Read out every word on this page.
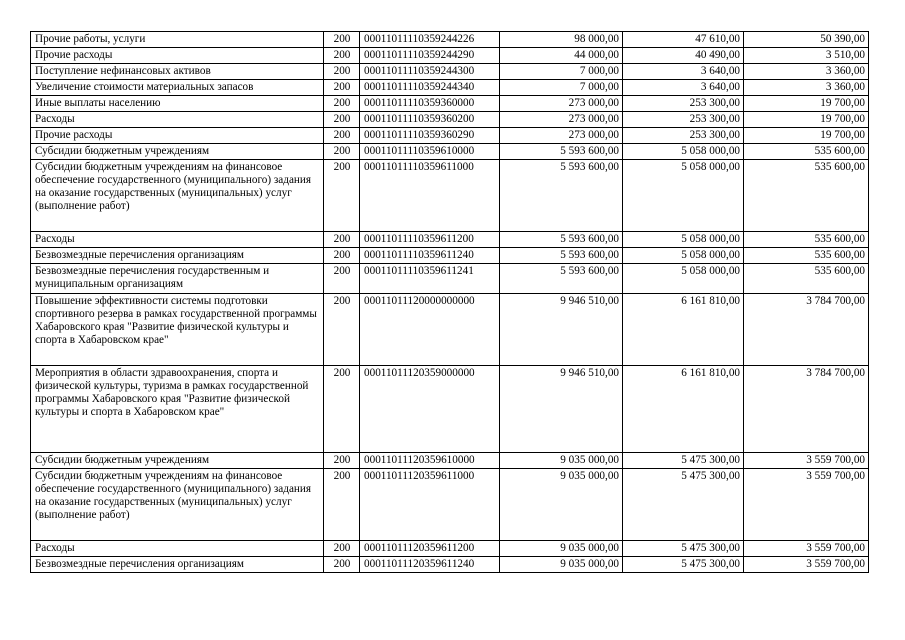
Прочие работы, услуги	200	00011011110359244226	98 000,00	47 610,00	50 390,00
Прочие расходы	200	00011011110359244290	44 000,00	40 490,00	3 510,00
Поступление нефинансовых активов	200	00011011110359244300	7 000,00	3 640,00	3 360,00
Увеличение стоимости материальных запасов	200	00011011110359244340	7 000,00	3 640,00	3 360,00
Иные выплаты населению	200	00011011110359360000	273 000,00	253 300,00	19 700,00
Расходы	200	00011011110359360200	273 000,00	253 300,00	19 700,00
Прочие расходы	200	00011011110359360290	273 000,00	253 300,00	19 700,00
Субсидии бюджетным учреждениям	200	00011011110359610000	5 593 600,00	5 058 000,00	535 600,00
Субсидии бюджетным учреждениям на финансовое обеспечение государственного (муниципального) задания на оказание государственных (муниципальных) услуг (выполнение работ)	200	00011011110359611000	5 593 600,00	5 058 000,00	535 600,00
Расходы	200	00011011110359611200	5 593 600,00	5 058 000,00	535 600,00
Безвозмездные перечисления организациям	200	00011011110359611240	5 593 600,00	5 058 000,00	535 600,00
Безвозмездные перечисления государственным и муниципальным организациям	200	00011011110359611241	5 593 600,00	5 058 000,00	535 600,00
Повышение эффективности системы подготовки спортивного резерва в рамках государственной программы Хабаровского края "Развитие физической культуры и спорта в Хабаровском крае"	200	00011011120000000000	9 946 510,00	6 161 810,00	3 784 700,00
Мероприятия в области здравоохранения, спорта и физической культуры, туризма в рамках государственной программы Хабаровского края "Развитие физической культуры и спорта в Хабаровском крае"	200	00011011120359000000	9 946 510,00	6 161 810,00	3 784 700,00
Субсидии бюджетным учреждениям	200	00011011120359610000	9 035 000,00	5 475 300,00	3 559 700,00
Субсидии бюджетным учреждениям на финансовое обеспечение государственного (муниципального) задания на оказание государственных (муниципальных) услуг (выполнение работ)	200	00011011120359611000	9 035 000,00	5 475 300,00	3 559 700,00
Расходы	200	00011011120359611200	9 035 000,00	5 475 300,00	3 559 700,00
Безвозмездные перечисления организациям	200	00011011120359611240	9 035 000,00	5 475 300,00	3 559 700,00
